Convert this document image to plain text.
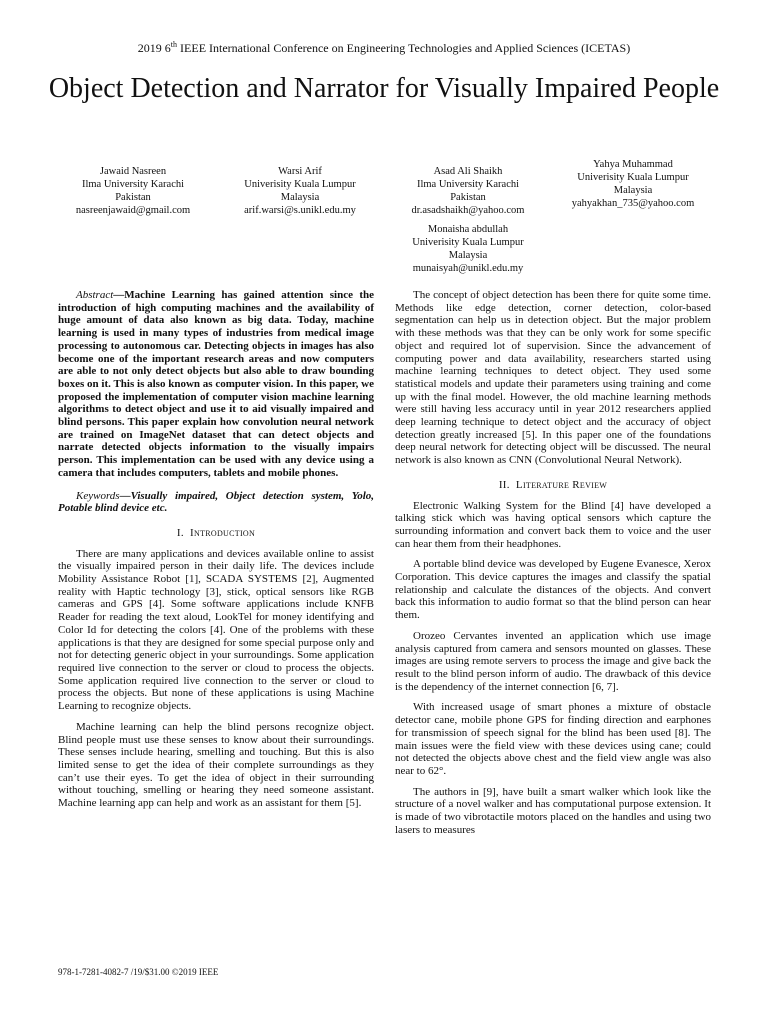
2019 6th IEEE International Conference on Engineering Technologies and Applied Sciences (ICETAS)
Object Detection and Narrator for Visually Impaired People
Jawaid Nasreen
Ilma University Karachi
Pakistan
nasreenjawaid@gmail.com
Warsi Arif
Univerisity Kuala Lumpur
Malaysia
arif.warsi@s.unikl.edu.my
Asad Ali Shaikh
Ilma University Karachi
Pakistan
dr.asadshaikh@yahoo.com
Yahya Muhammad
Univerisity Kuala Lumpur
Malaysia
yahyakhan_735@yahoo.com
Monaisha abdullah
Univerisity Kuala Lumpur
Malaysia
munaisyah@unikl.edu.my

Abstract—Machine Learning has gained attention since the introduction of high computing machines and the availability of huge amount of data also known as big data. Today, machine learning is used in many types of industries from medical image processing to autonomous car. Detecting objects in images has also become one of the important research areas and now computers are able to not only detect objects but also able to draw bounding boxes on it. This is also known as computer vision. In this paper, we proposed the implementation of computer vision machine learning algorithms to detect object and use it to aid visually impaired and blind persons. This paper explain how convolution neural network are trained on ImageNet dataset that can detect objects and narrate detected objects information to the visually impairs person. This implementation can be used with any device using a camera that includes computers, tablets and mobile phones.

Keywords—Visually impaired, Object detection system, Yolo, Potable blind device etc.

I. Introduction

There are many applications and devices available online to assist the visually impaired person in their daily life. The devices include Mobility Assistance Robot [1], SCADA SYSTEMS [2], Augmented reality with Haptic technology [3], stick, optical sensors like RGB cameras and GPS [4]. Some software applications include KNFB Reader for reading the text aloud, LookTel for money identifying and Color Id for detecting the colors [4]. One of the problems with these applications is that they are designed for some special purpose only and not for detecting generic object in your surroundings. Some application required live connection to the server or cloud to process the objects. Some application required live connection to the server or cloud to process the objects. But none of these applications is using Machine Learning to recognize objects.

Machine learning can help the blind persons recognize object. Blind people must use these senses to know about their surroundings. These senses include hearing, smelling and touching. But this is also limited sense to get the idea of their complete surroundings as they can’t use their eyes. To get the idea of object in their surrounding without touching, smelling or hearing they need someone assistant. Machine learning app can help and work as an assistant for them [5].

The concept of object detection has been there for quite some time. Methods like edge detection, corner detection, color-based segmentation can help us in detection object. But the major problem with these methods was that they can be only work for some specific object and required lot of supervision. Since the advancement of computing power and data availability, researchers started using machine learning techniques to detect object. They used some statistical models and update their parameters using training and come up with the final model. However, the old machine learning methods were still having less accuracy until in year 2012 researchers applied deep learning technique to detect object and the accuracy of object detection greatly increased [5]. In this paper one of the foundations deep neural network for detecting object will be discussed. The neural network is also known as CNN (Convolutional Neural Network).

II. Literature Review

Electronic Walking System for the Blind [4] have developed a talking stick which was having optical sensors which capture the surrounding information and convert back them to voice and the user can hear them from their headphones.

A portable blind device was developed by Eugene Evanesce, Xerox Corporation. This device captures the images and classify the spatial relationship and calculate the distances of the objects. And convert back this information to audio format so that the blind person can hear them.

Orozeo Cervantes invented an application which use image analysis captured from camera and sensors mounted on glasses. These images are using remote servers to process the image and give back the result to the blind person inform of audio. The drawback of this device is the dependency of the internet connection [6, 7].

With increased usage of smart phones a mixture of obstacle detector cane, mobile phone GPS for finding direction and earphones for transmission of speech signal for the blind has been used [8]. The main issues were the field view with these devices using cane; could not detected the objects above chest and the field view angle was also near to 62°.

The authors in [9], have built a smart walker which look like the structure of a novel walker and has computational purpose extension. It is made of two vibrotactile motors placed on the handles and using two lasers to measures

978-1-7281-4082-7 /19/$31.00 ©2019 IEEE
